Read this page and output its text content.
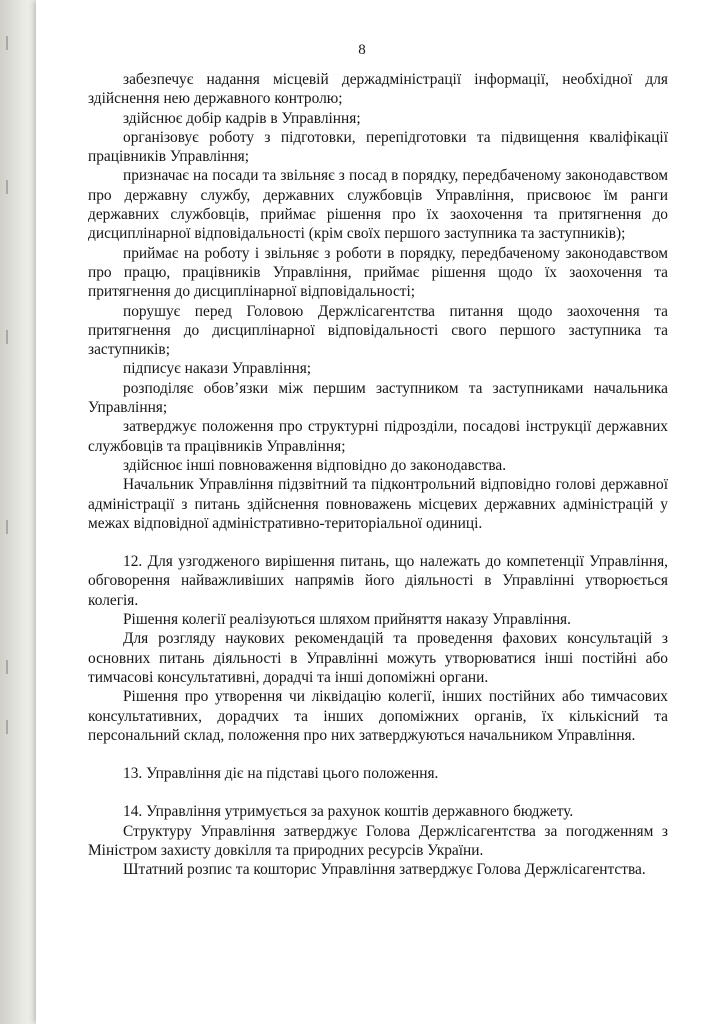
8

забезпечує надання місцевій держадміністрації інформації, необхідної для здійснення нею державного контролю;

здійснює добір кадрів в Управління;

організовує роботу з підготовки, перепідготовки та підвищення кваліфікації працівників Управління;

призначає на посади та звільняє з посад в порядку, передбаченому законодавством про державну службу, державних службовців Управління, присвоює їм ранги державних службовців, приймає рішення про їх заохочення та притягнення до дисциплінарної відповідальності (крім своїх першого заступника та заступників);

приймає на роботу і звільняє з роботи в порядку, передбаченому законодавством про працю, працівників Управління, приймає рішення щодо їх заохочення та притягнення до дисциплінарної відповідальності;

порушує перед Головою Держлісагентства питання щодо заохочення та притягнення до дисциплінарної відповідальності свого першого заступника та заступників;

підписує накази Управління;

розподіляє обов’язки між першим заступником та заступниками начальника Управління;

затверджує положення про структурні підрозділи, посадові інструкції державних службовців та працівників Управління;

здійснює інші повноваження відповідно до законодавства.

Начальник Управління підзвітний та підконтрольний відповідно голові державної адміністрації з питань здійснення повноважень місцевих державних адміністрацій у межах відповідної адміністративно-територіальної одиниці.

12. Для узгодженого вирішення питань, що належать до компетенції Управління, обговорення найважливіших напрямів його діяльності в Управлінні утворюється колегія.

Рішення колегії реалізуються шляхом прийняття наказу Управління.

Для розгляду наукових рекомендацій та проведення фахових консультацій з основних питань діяльності в Управлінні можуть утворюватися інші постійні або тимчасові консультативні, дорадчі та інші допоміжні органи.

Рішення про утворення чи ліквідацію колегії, інших постійних або тимчасових консультативних, дорадчих та інших допоміжних органів, їх кількісний та персональний склад, положення про них затверджуються начальником Управління.

13. Управління діє на підставі цього положення.

14. Управління утримується за рахунок коштів державного бюджету.

Структуру Управління затверджує Голова Держлісагентства за погодженням з Міністром захисту довкілля та природних ресурсів України.

Штатний розпис та кошторис Управління затверджує Голова Держлісагентства.
